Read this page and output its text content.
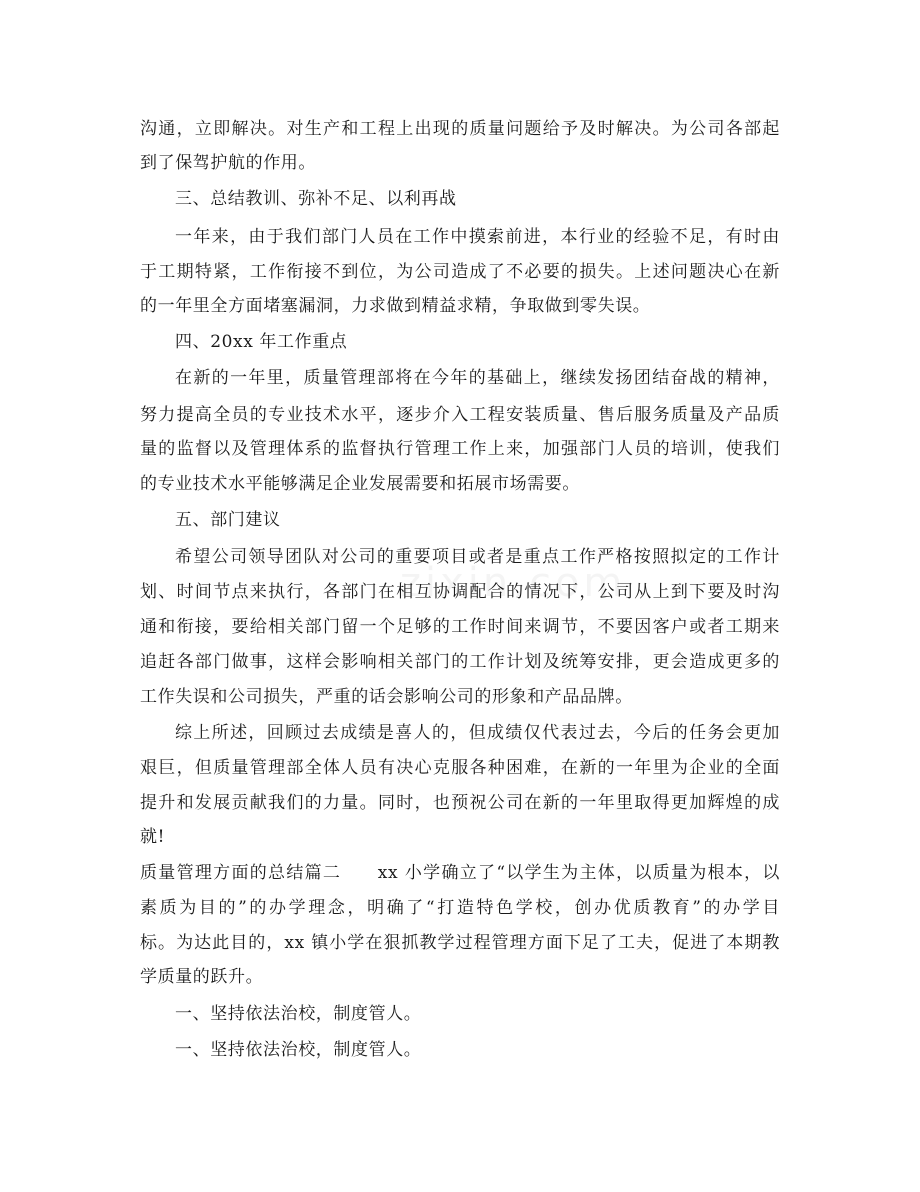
沟通，立即解决。对生产和工程上出现的质量问题给予及时解决。为公司各部起
到了保驾护航的作用。
三、总结教训、弥补不足、以利再战
一年来，由于我们部门人员在工作中摸索前进，本行业的经验不足，有时由
于工期特紧，工作衔接不到位，为公司造成了不必要的损失。上述问题决心在新
的一年里全方面堵塞漏洞，力求做到精益求精，争取做到零失误。
四、20xx 年工作重点
在新的一年里，质量管理部将在今年的基础上，继续发扬团结奋战的精神，
努力提高全员的专业技术水平，逐步介入工程安装质量、售后服务质量及产品质
量的监督以及管理体系的监督执行管理工作上来，加强部门人员的培训，使我们
的专业技术水平能够满足企业发展需要和拓展市场需要。
五、部门建议
希望公司领导团队对公司的重要项目或者是重点工作严格按照拟定的工作计
划、时间节点来执行，各部门在相互协调配合的情况下，公司从上到下要及时沟
通和衔接，要给相关部门留一个足够的工作时间来调节，不要因客户或者工期来
追赶各部门做事，这样会影响相关部门的工作计划及统筹安排，更会造成更多的
工作失误和公司损失，严重的话会影响公司的形象和产品品牌。
综上所述，回顾过去成绩是喜人的，但成绩仅代表过去，今后的任务会更加
艰巨，但质量管理部全体人员有决心克服各种困难，在新的一年里为企业的全面
提升和发展贡献我们的力量。同时，也预祝公司在新的一年里取得更加辉煌的成
就!
质量管理方面的总结篇二　　xx 小学确立了“以学生为主体，以质量为根本，以
素质为目的”的办学理念，明确了“打造特色学校，创办优质教育”的办学目
标。为达此目的，xx 镇小学在狠抓教学过程管理方面下足了工夫，促进了本期教
学质量的跃升。
一、坚持依法治校，制度管人。
一、坚持依法治校，制度管人。
